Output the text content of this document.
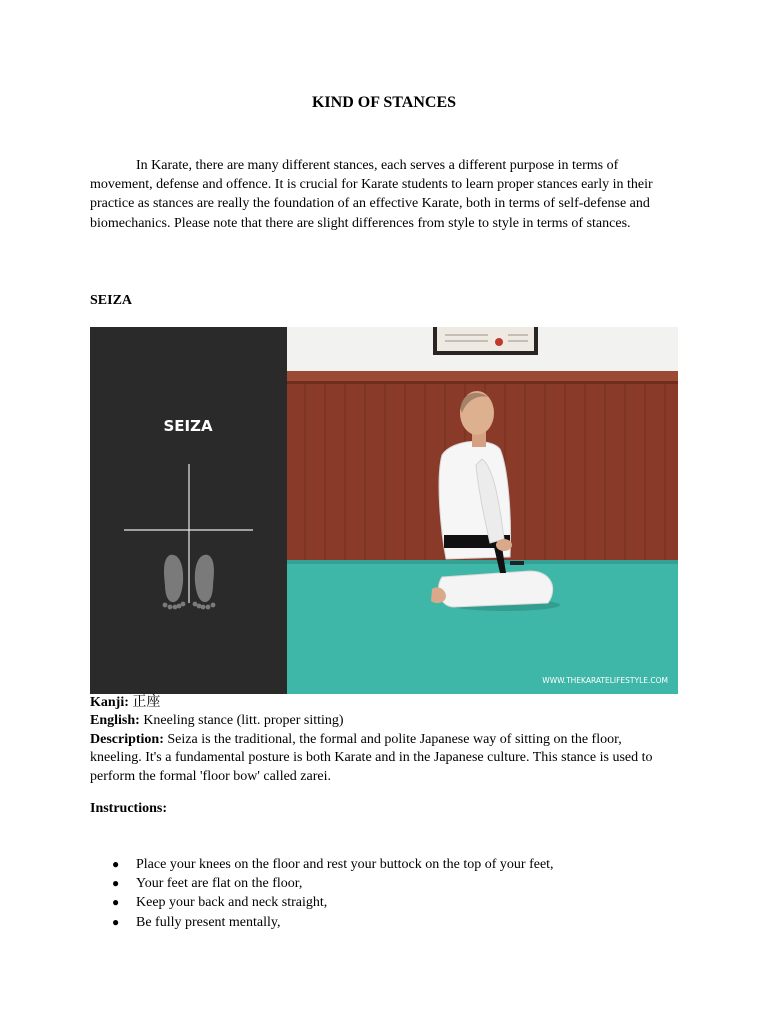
KIND OF STANCES

In Karate, there are many different stances, each serves a different purpose in terms of movement, defense and offence. It is crucial for Karate students to learn proper stances early in their practice as stances are really the foundation of an effective Karate, both in terms of self-defense and biomechanics. Please note that there are slight differences from style to style in terms of stances.

SEIZA
SEIZA
WWW.THEKARATELIFESTYLE.COM
Kanji: 正座
English: Kneeling stance (litt. proper sitting)
Description: Seiza is the traditional, the formal and polite Japanese way of sitting on the floor, kneeling. It's a fundamental posture is both Karate and in the Japanese culture. This stance is used to perform the formal 'floor bow' called zarei.
Instructions:
● Place your knees on the floor and rest your buttock on the top of your feet,
● Your feet are flat on the floor,
● Keep your back and neck straight,
● Be fully present mentally,
